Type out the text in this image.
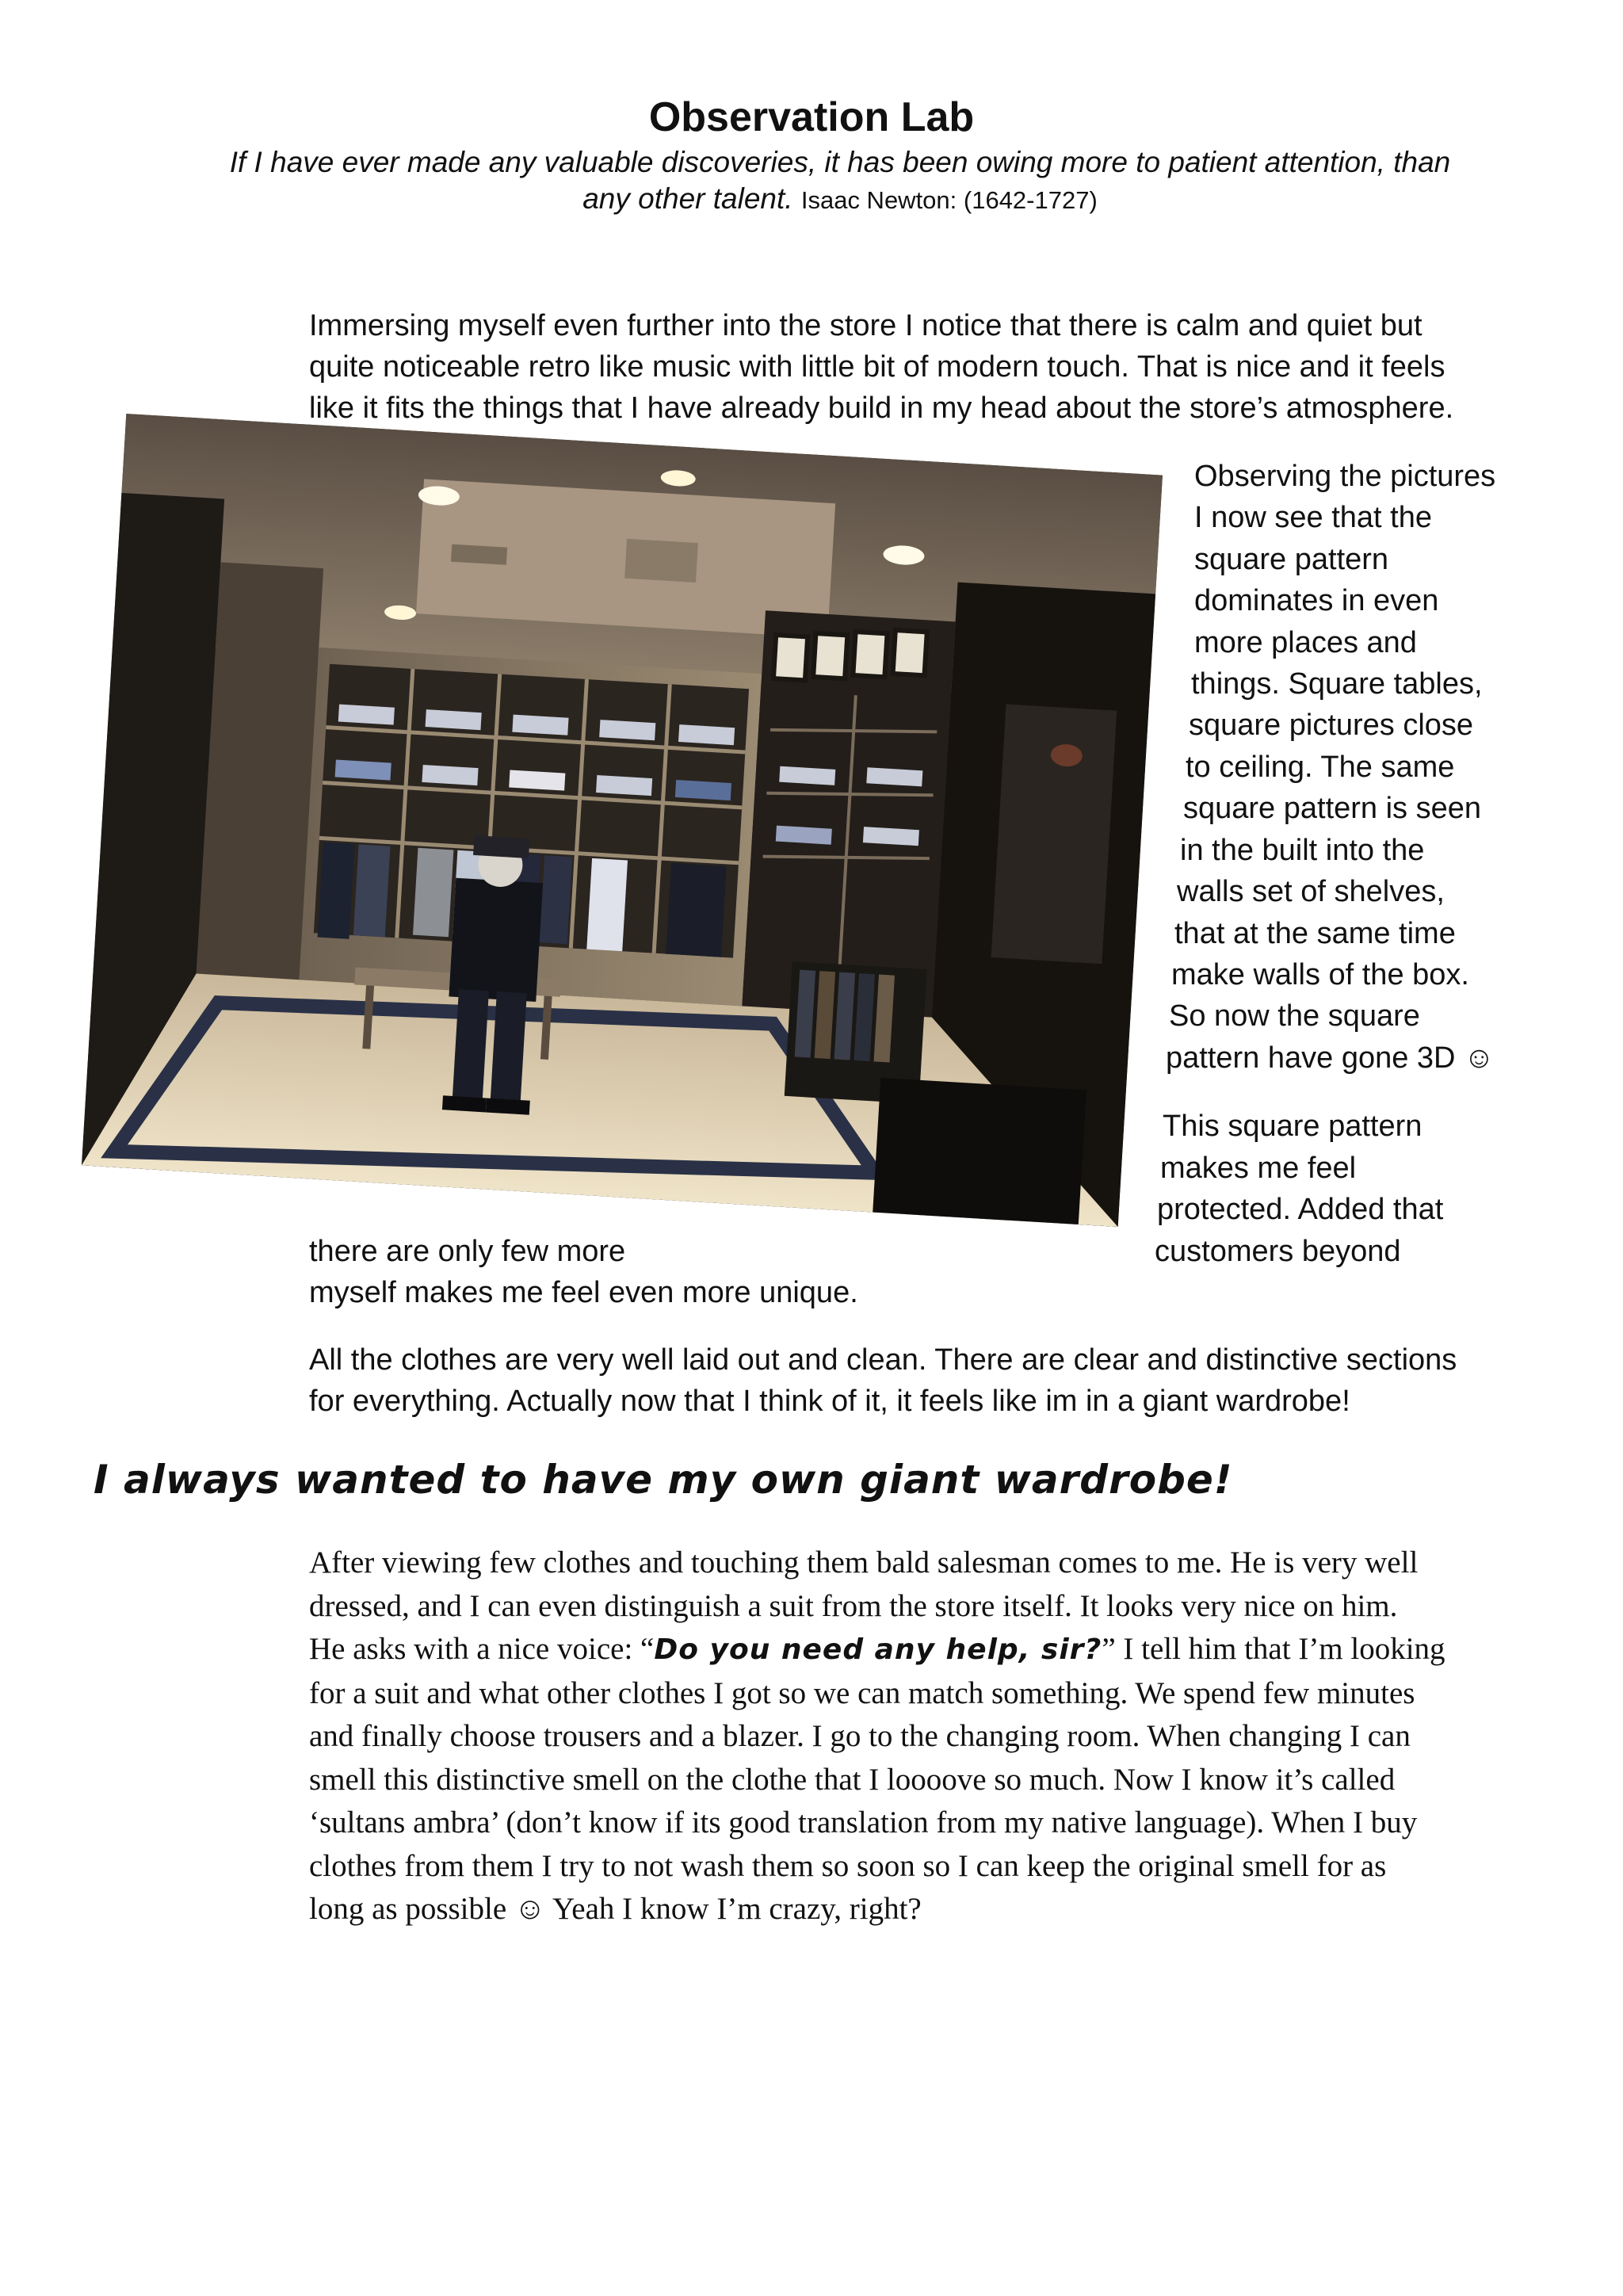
Observation Lab
If I have ever made any valuable discoveries, it has been owing more to patient attention, than
any other talent. Isaac Newton: (1642-1727)
Immersing myself even further into the store I notice that there is calm and quiet but
quite noticeable retro like music with little bit of modern touch. That is nice and it feels
like it fits the things that I have already build in my head about the store’s atmosphere.
Observing the pictures
I now see that the
square pattern
dominates in even
more places and
things. Square tables,
square pictures close
to ceiling. The same
square pattern is seen
in the built into the
walls set of shelves,
that at the same time
make walls of the box.
So now the square
pattern have gone 3D ☺
This square pattern
makes me feel
protected. Added that
customers beyond
there are only few more
myself makes me feel even more unique.
All the clothes are very well laid out and clean. There are clear and distinctive sections
for everything. Actually now that I think of it, it feels like im in a giant wardrobe!
I always wanted to have my own giant wardrobe!
After viewing few clothes and touching them bald salesman comes to me. He is very well
dressed, and I can even distinguish a suit from the store itself. It looks very nice on him.
He asks with a nice voice: “Do you need any help, sir?” I tell him that I’m looking
for a suit and what other clothes I got so we can match something. We spend few minutes
and finally choose trousers and a blazer. I go to the changing room. When changing I can
smell this distinctive smell on the clothe that I loooove so much. Now I know it’s called
‘sultans ambra’ (don’t know if its good translation from my native language). When I buy
clothes from them I try to not wash them so soon so I can keep the original smell for as
long as possible ☺ Yeah I know I’m crazy, right?
